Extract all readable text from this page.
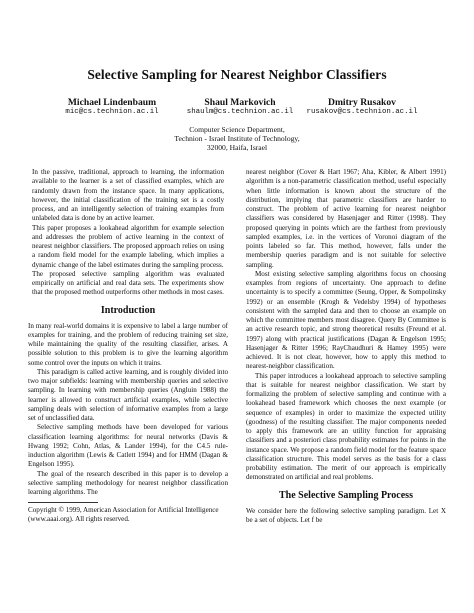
Selective Sampling for Nearest Neighbor Classifiers
Michael Lindenbaum
mic@cs.technion.ac.il
Shaul Markovich
shaulm@cs.technion.ac.il
Dmitry Rusakov
rusakov@cs.technion.ac.il
Computer Science Department,
Technion - Israel Institute of Technology,
32000, Haifa, Israel

In the passive, traditional, approach to learning, the information available to the learner is a set of classified examples, which are randomly drawn from the instance space. In many applications, however, the initial classification of the training set is a costly process, and an intelligently selection of training examples from unlabeled data is done by an active learner.

This paper proposes a lookahead algorithm for example selection and addresses the problem of active learning in the context of nearest neighbor classifiers. The proposed approach relies on using a random field model for the example labeling, which implies a dynamic change of the label estimates during the sampling process.

The proposed selective sampling algorithm was evaluated empirically on artificial and real data sets. The experiments show that the proposed method outperforms other methods in most cases.

Introduction

In many real-world domains it is expensive to label a large number of examples for training, and the problem of reducing training set size, while maintaining the quality of the resulting classifier, arises. A possible solution to this problem is to give the learning algorithm some control over the inputs on which it trains.

This paradigm is called active learning, and is roughly divided into two major subfields: learning with membership queries and selective sampling. In learning with membership queries (Angluin 1988) the learner is allowed to construct artificial examples, while selective sampling deals with selection of informative examples from a large set of unclassified data.

Selective sampling methods have been developed for various classification learning algorithms: for neural networks (Davis & Hwang 1992; Cohn, Atlas, & Lander 1994), for the C4.5 rule-induction algorithm (Lewis & Catlett 1994) and for HMM (Dagan & Engelson 1995).

The goal of the research described in this paper is to develop a selective sampling methodology for nearest neighbor classification learning algorithms. The

Copyright © 1999, American Association for Artificial Intelligence (www.aaai.org). All rights reserved.

nearest neighbor (Cover & Hart 1967; Aha, Kibler, & Albert 1991) algorithm is a non-parametric classification method, useful especially when little information is known about the structure of the distribution, implying that parametric classifiers are harder to construct. The problem of active learning for nearest neighbor classifiers was considered by Hasenjager and Ritter (1998). They proposed querying in points which are the farthest from previously sampled examples, i.e. in the vertices of Voronoi diagram of the points labeled so far. This method, however, falls under the membership queries paradigm and is not suitable for selective sampling.

Most existing selective sampling algorithms focus on choosing examples from regions of uncertainty. One approach to define uncertainty is to specify a committee (Seung, Opper, & Sompolinsky 1992) or an ensemble (Krogh & Vedelsby 1994) of hypotheses consistent with the sampled data and then to choose an example on which the committee members most disagree. Query By Committee is an active research topic, and strong theoretical results (Freund et al. 1997) along with practical justifications (Dagan & Engelson 1995; Hasenjager & Ritter 1996; RayChaudhuri & Hamey 1995) were achieved. It is not clear, however, how to apply this method to nearest-neighbor classification.

This paper introduces a lookahead approach to selective sampling that is suitable for nearest neighbor classification. We start by formalizing the problem of selective sampling and continue with a lookahead based framework which chooses the next example (or sequence of examples) in order to maximize the expected utility (goodness) of the resulting classifier. The major components needed to apply this framework are an utility function for appraising classifiers and a posteriori class probability estimates for points in the instance space. We propose a random field model for the feature space classification structure. This model serves as the basis for a class probability estimation. The merit of our approach is empirically demonstrated on artificial and real problems.

The Selective Sampling Process

We consider here the following selective sampling paradigm. Let X be a set of objects. Let f be
